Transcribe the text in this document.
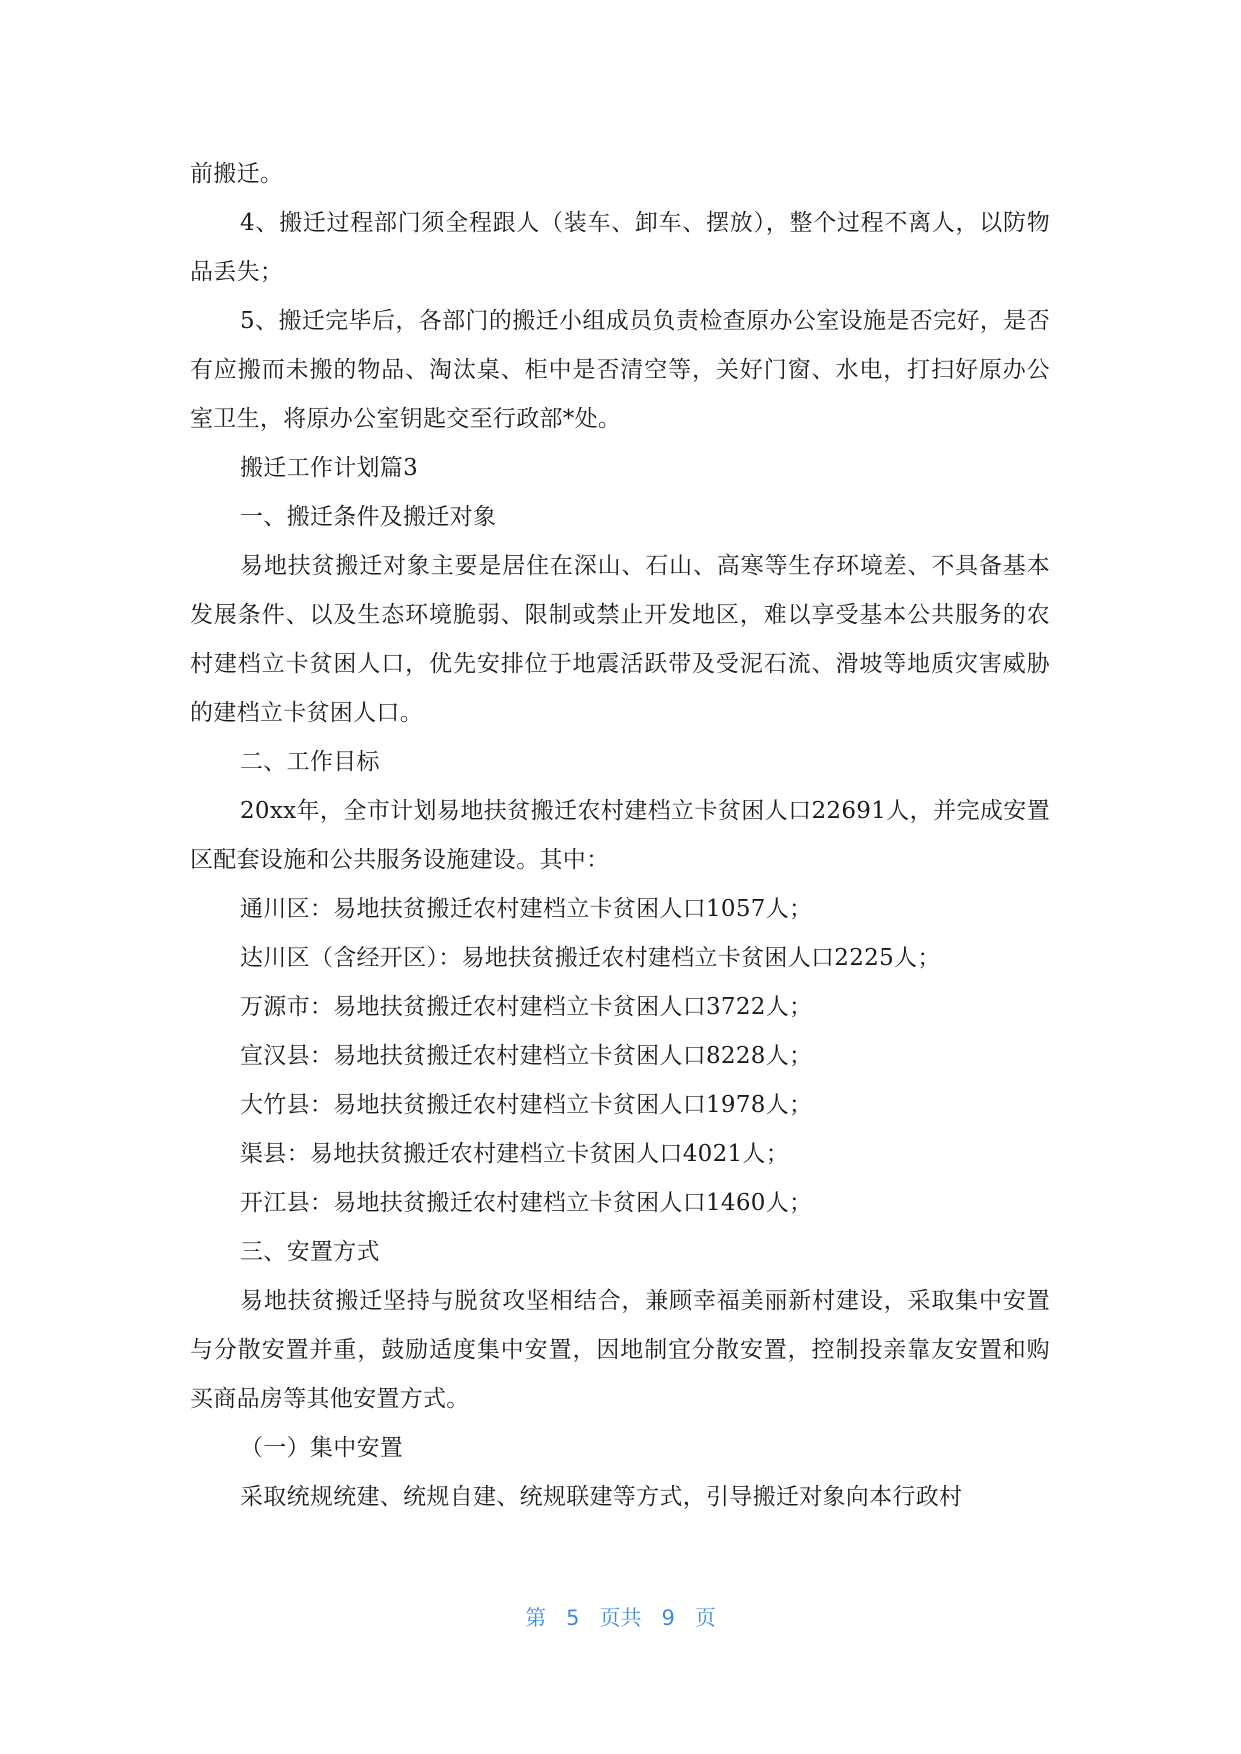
前搬迁。
4、搬迁过程部门须全程跟人（装车、卸车、摆放），整个过程不离人，以防物品丢失；
5、搬迁完毕后，各部门的搬迁小组成员负责检查原办公室设施是否完好，是否有应搬而未搬的物品、淘汰桌、柜中是否清空等，关好门窗、水电，打扫好原办公室卫生，将原办公室钥匙交至行政部*处。
搬迁工作计划篇3
一、搬迁条件及搬迁对象
易地扶贫搬迁对象主要是居住在深山、石山、高寒等生存环境差、不具备基本发展条件、以及生态环境脆弱、限制或禁止开发地区，难以享受基本公共服务的农村建档立卡贫困人口，优先安排位于地震活跃带及受泥石流、滑坡等地质灾害威胁的建档立卡贫困人口。
二、工作目标
20xx年，全市计划易地扶贫搬迁农村建档立卡贫困人口22691人，并完成安置区配套设施和公共服务设施建设。其中：
通川区：易地扶贫搬迁农村建档立卡贫困人口1057人；
达川区（含经开区）：易地扶贫搬迁农村建档立卡贫困人口2225人；
万源市：易地扶贫搬迁农村建档立卡贫困人口3722人；
宣汉县：易地扶贫搬迁农村建档立卡贫困人口8228人；
大竹县：易地扶贫搬迁农村建档立卡贫困人口1978人；
渠县：易地扶贫搬迁农村建档立卡贫困人口4021人；
开江县：易地扶贫搬迁农村建档立卡贫困人口1460人；
三、安置方式
易地扶贫搬迁坚持与脱贫攻坚相结合，兼顾幸福美丽新村建设，采取集中安置与分散安置并重，鼓励适度集中安置，因地制宜分散安置，控制投亲靠友安置和购买商品房等其他安置方式。
（一）集中安置
采取统规统建、统规自建、统规联建等方式，引导搬迁对象向本行政村
第 5 页共 9 页
